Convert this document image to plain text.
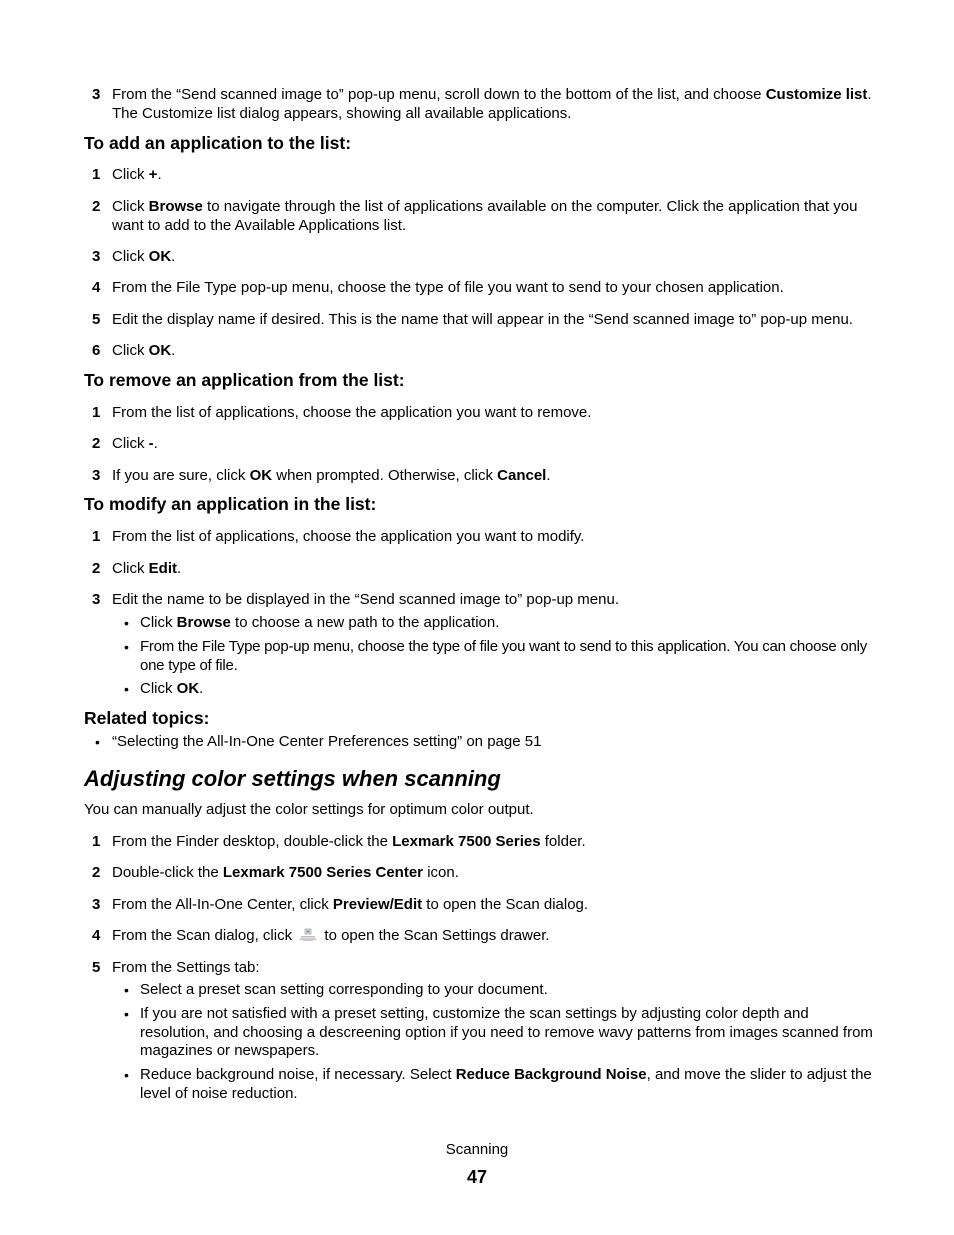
3 From the “Send scanned image to” pop-up menu, scroll down to the bottom of the list, and choose Customize list. The Customize list dialog appears, showing all available applications.
To add an application to the list:
1 Click +.
2 Click Browse to navigate through the list of applications available on the computer. Click the application that you want to add to the Available Applications list.
3 Click OK.
4 From the File Type pop-up menu, choose the type of file you want to send to your chosen application.
5 Edit the display name if desired. This is the name that will appear in the “Send scanned image to” pop-up menu.
6 Click OK.
To remove an application from the list:
1 From the list of applications, choose the application you want to remove.
2 Click -.
3 If you are sure, click OK when prompted. Otherwise, click Cancel.
To modify an application in the list:
1 From the list of applications, choose the application you want to modify.
2 Click Edit.
3 Edit the name to be displayed in the “Send scanned image to” pop-up menu.
• Click Browse to choose a new path to the application.
• From the File Type pop-up menu, choose the type of file you want to send to this application. You can choose only one type of file.
• Click OK.
Related topics:
• “Selecting the All-In-One Center Preferences setting” on page 51
Adjusting color settings when scanning
You can manually adjust the color settings for optimum color output.
1 From the Finder desktop, double-click the Lexmark 7500 Series folder.
2 Double-click the Lexmark 7500 Series Center icon.
3 From the All-In-One Center, click Preview/Edit to open the Scan dialog.
4 From the Scan dialog, click
to open the Scan Settings drawer.
5 From the Settings tab:
• Select a preset scan setting corresponding to your document.
• If you are not satisfied with a preset setting, customize the scan settings by adjusting color depth and resolution, and choosing a descreening option if you need to remove wavy patterns from images scanned from magazines or newspapers.
• Reduce background noise, if necessary. Select Reduce Background Noise, and move the slider to adjust the level of noise reduction.
Scanning
47
